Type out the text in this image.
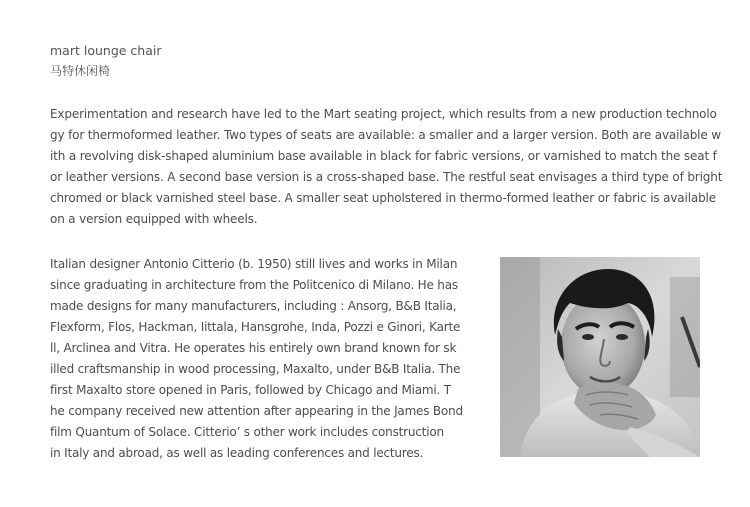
mart lounge chair
马特休闲椅

Experimentation and research have led to the Mart seating project, which results from a new production technolo
gy for thermoformed leather. Two types of seats are available: a smaller and a larger version. Both are available w
ith a revolving disk-shaped aluminium base available in black for fabric versions, or varnished to match the seat f
or leather versions. A second base version is a cross-shaped base. The restful seat envisages a third type of bright
chromed or black varnished steel base. A smaller seat upholstered in thermo-formed leather or fabric is available
on a version equipped with wheels.

Italian designer Antonio Citterio (b. 1950) still lives and works in Milan
since graduating in architecture from the Politcenico di Milano. He has
made designs for many manufacturers, including : Ansorg, B&B Italia,
Flexform, Flos, Hackman, Iittala, Hansgrohe, Inda, Pozzi e Ginori, Karte
ll, Arclinea and Vitra. He operates his entirely own brand known for sk
illed craftsmanship in wood processing, Maxalto, under B&B Italia. The
first Maxalto store opened in Paris, followed by Chicago and Miami. T
he company received new attention after appearing in the James Bond
film Quantum of Solace. Citterio’ s other work includes construction
in Italy and abroad, as well as leading conferences and lectures.
